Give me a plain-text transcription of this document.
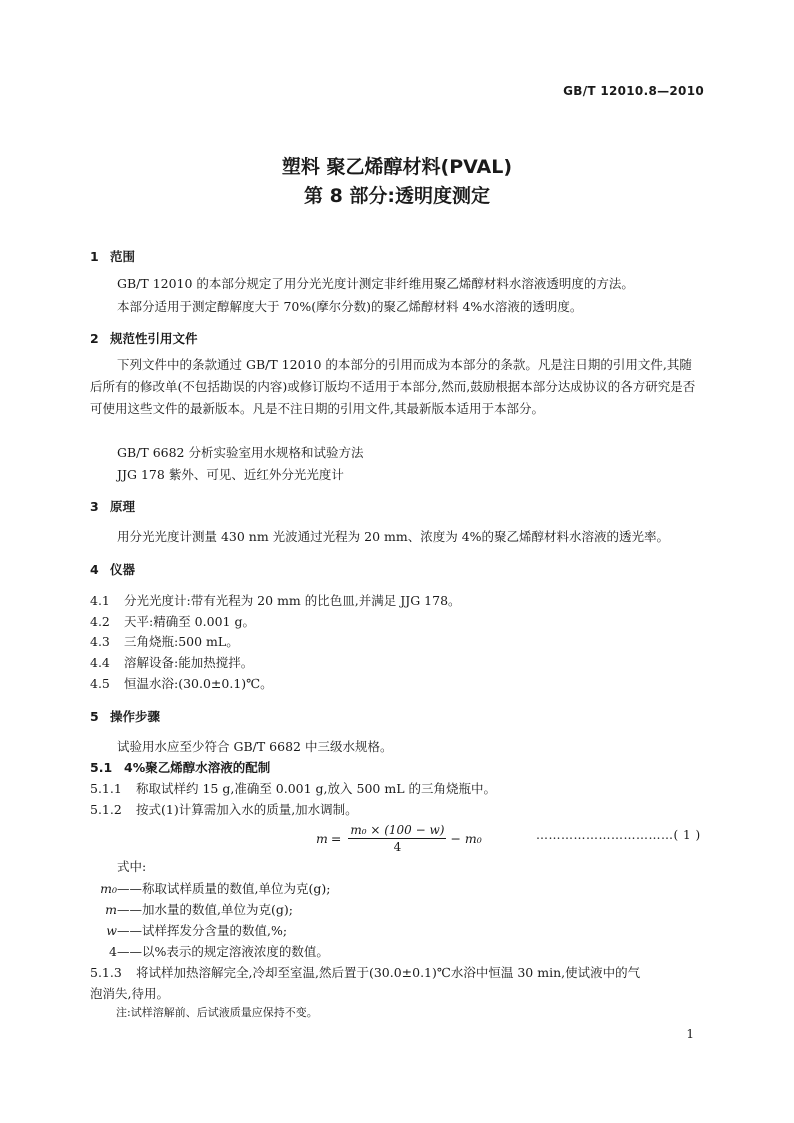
GB/T 12010.8—2010
塑料 聚乙烯醇材料(PVAL)
第 8 部分:透明度测定
1 范围
GB/T 12010 的本部分规定了用分光光度计测定非纤维用聚乙烯醇材料水溶液透明度的方法。
本部分适用于测定醇解度大于 70%(摩尔分数)的聚乙烯醇材料 4%水溶液的透明度。
2 规范性引用文件
下列文件中的条款通过 GB/T 12010 的本部分的引用而成为本部分的条款。凡是注日期的引用文件,其随后所有的修改单(不包括勘误的内容)或修订版均不适用于本部分,然而,鼓励根据本部分达成协议的各方研究是否可使用这些文件的最新版本。凡是不注日期的引用文件,其最新版本适用于本部分。
GB/T 6682 分析实验室用水规格和试验方法
JJG 178 紫外、可见、近红外分光光度计
3 原理
用分光光度计测量 430 nm 光波通过光程为 20 mm、浓度为 4%的聚乙烯醇材料水溶液的透光率。
4 仪器
4.1 分光光度计:带有光程为 20 mm 的比色皿,并满足 JJG 178。
4.2 天平:精确至 0.001 g。
4.3 三角烧瓶:500 mL。
4.4 溶解设备:能加热搅拌。
4.5 恒温水浴:(30.0±0.1)℃。
5 操作步骤
试验用水应至少符合 GB/T 6682 中三级水规格。
5.1 4%聚乙烯醇水溶液的配制
5.1.1 称取试样约 15 g,准确至 0.001 g,放入 500 mL 的三角烧瓶中。
5.1.2 按式(1)计算需加入水的质量,加水调制。
$m = \frac{\text{m₀ × (100 − w)}}{4} - m_0$	……………………………( 1 )
式中:
m₀——称取试样质量的数值,单位为克(g);
m——加水量的数值,单位为克(g);
w——试样挥发分含量的数值,%;
4——以%表示的规定溶液浓度的数值。
5.1.3 将试样加热溶解完全,冷却至室温,然后置于(30.0±0.1)℃水浴中恒温 30 min,使试液中的气
泡消失,待用。
注:试样溶解前、后试液质量应保持不变。
1
